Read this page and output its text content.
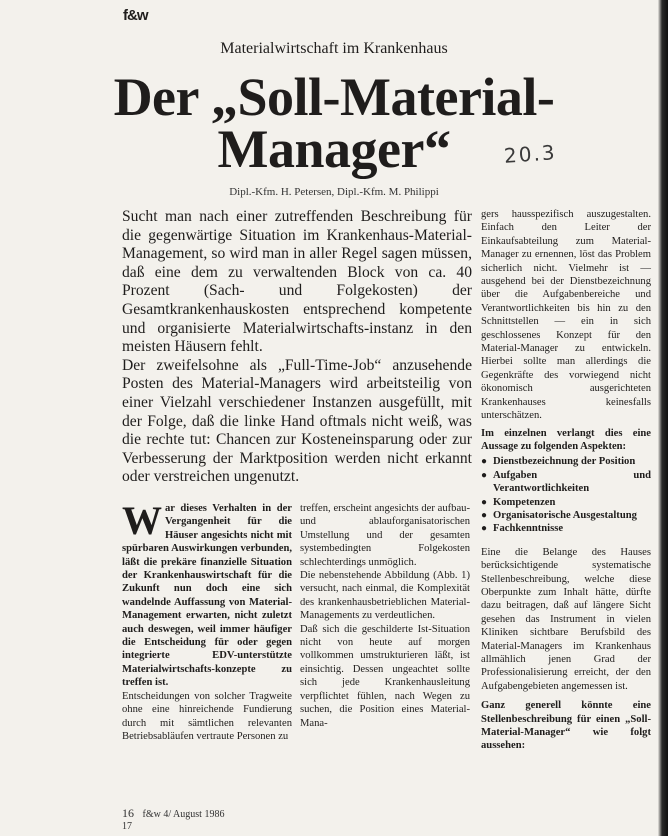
f&w
Materialwirtschaft im Krankenhaus
Der „Soll-Material-
Manager“	20.3
Dipl.-Kfm. H. Petersen, Dipl.-Kfm. M. Philippi

Sucht man nach einer zutreffenden Beschreibung für die gegenwärtige Situation im Krankenhaus-Material-Management, so wird man in aller Regel sagen müssen, daß eine dem zu verwaltenden Block von ca. 40 Prozent (Sach- und Folgekosten) der Gesamtkrankenhauskosten entsprechend kompetente und organisierte Materialwirtschafts-instanz in den meisten Häusern fehlt.

Der zweifelsohne als „Full-Time-Job“ anzusehende Posten des Material-Managers wird arbeitsteilig von einer Vielzahl verschiedener Instanzen ausgefüllt, mit der Folge, daß die linke Hand oftmals nicht weiß, was die rechte tut: Chancen zur Kosteneinsparung oder zur Verbesserung der Marktposition werden nicht erkannt oder verstreichen ungenutzt.

War dieses Verhalten in der Vergangenheit für die Häuser angesichts nicht mit spürbaren Auswirkungen verbunden, läßt die prekäre finanzielle Situation der Krankenhauswirtschaft für die Zukunft nun doch eine sich wandelnde Auffassung von Material-Management erwarten, nicht zuletzt auch deswegen, weil immer häufiger die Entscheidung für oder gegen integrierte EDV-unterstützte Materialwirtschafts-konzepte zu treffen ist.

Entscheidungen von solcher Tragweite ohne eine hinreichende Fundierung durch mit sämtlichen relevanten Betriebsabläufen vertraute Personen zu

treffen, erscheint angesichts der aufbau- und ablauforganisatorischen Umstellung und der gesamten systembedingten Folgekosten schlechterdings unmöglich.

Die nebenstehende Abbildung (Abb. 1) versucht, nach einmal, die Komplexität des krankenhausbetrieblichen Material-Managements zu verdeutlichen.

Daß sich die geschilderte Ist-Situation nicht von heute auf morgen vollkommen umstrukturieren läßt, ist einsichtig. Dessen ungeachtet sollte sich jede Krankenhausleitung verpflichtet fühlen, nach Wegen zu suchen, die Position eines Material-Mana-

gers hausspezifisch auszugestalten. Einfach den Leiter der Einkaufsabteilung zum Material-Manager zu ernennen, löst das Problem sicherlich nicht. Vielmehr ist — ausgehend bei der Dienstbezeichnung über die Aufgabenbereiche und Verantwortlichkeiten bis hin zu den Schnittstellen — ein in sich geschlossenes Konzept für den Material-Manager zu entwickeln. Hierbei sollte man allerdings die Gegenkräfte des vorwiegend nicht ökonomisch ausgerichteten Krankenhauses keinesfalls unterschätzen.

Im einzelnen verlangt dies eine Aussage zu folgenden Aspekten:

● Dienstbezeichnung der Position
● Aufgaben und Verantwortlichkeiten
● Kompetenzen
● Organisatorische Ausgestaltung
● Fachkenntnisse

Eine die Belange des Hauses berücksichtigende systematische Stellenbeschreibung, welche diese Oberpunkte zum Inhalt hätte, dürfte dazu beitragen, daß auf längere Sicht gesehen das Instrument in vielen Kliniken sichtbare Berufsbild des Material-Managers im Krankenhaus allmählich jenen Grad der Professionalisierung erreicht, der den Aufgabengebieten angemessen ist.

Ganz generell könnte eine Stellenbeschreibung für einen „Soll-Material-Manager“ wie folgt aussehen:

16 f&w 4/ August 1986
17
